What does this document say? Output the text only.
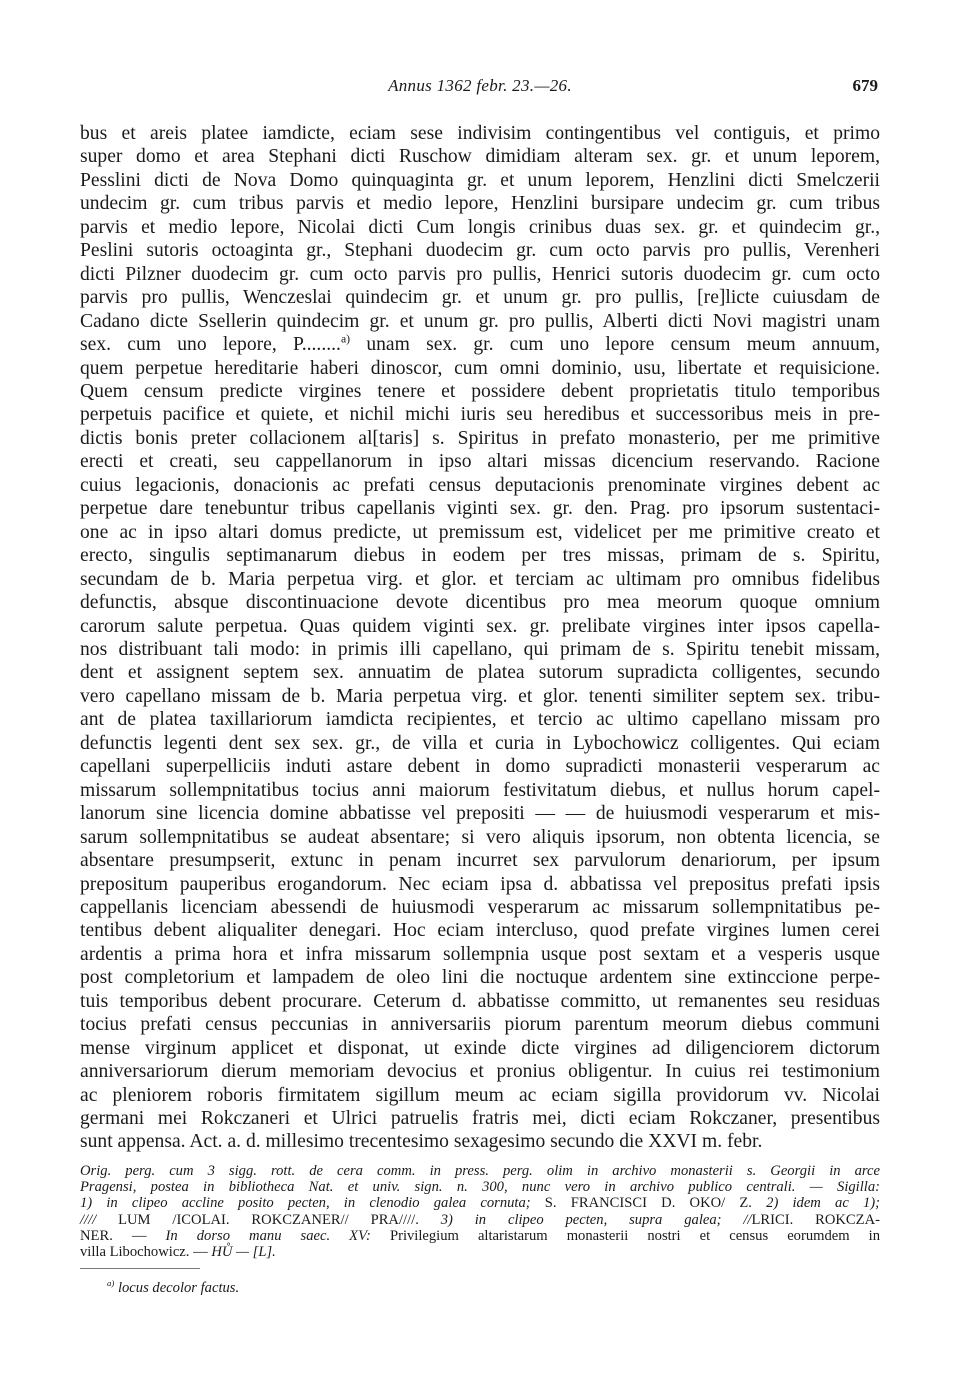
Annus 1362 febr. 23.—26.	679
bus et areis platee iamdicte, eciam sese indivisim contingentibus vel contiguis, et primo
super domo et area Stephani dicti Ruschow dimidiam alteram sex. gr. et unum leporem,
Pesslini dicti de Nova Domo quinquaginta gr. et unum leporem, Henzlini dicti Smelczerii
undecim gr. cum tribus parvis et medio lepore, Henzlini bursipare undecim gr. cum tribus
parvis et medio lepore, Nicolai dicti Cum longis crinibus duas sex. gr. et quindecim gr.,
Peslini sutoris octoaginta gr., Stephani duodecim gr. cum octo parvis pro pullis, Verenheri
dicti Pilzner duodecim gr. cum octo parvis pro pullis, Henrici sutoris duodecim gr. cum octo
parvis pro pullis, Wenczeslai quindecim gr. et unum gr. pro pullis, [re]licte cuiusdam de
Cadano dicte Ssellerin quindecim gr. et unum gr. pro pullis, Alberti dicti Novi magistri unam
sex. cum uno lepore, P........$^{a)}$ unam sex. gr. cum uno lepore censum meum annuum,
quem perpetue hereditarie haberi dinoscor, cum omni dominio, usu, libertate et requisicione.
Quem censum predicte virgines tenere et possidere debent proprietatis titulo temporibus
perpetuis pacifice et quiete, et nichil michi iuris seu heredibus et successoribus meis in pre-
dictis bonis preter collacionem al[taris] s. Spiritus in prefato monasterio, per me primitive
erecti et creati, seu cappellanorum in ipso altari missas dicencium reservando. Racione
cuius legacionis, donacionis ac prefati census deputacionis prenominate virgines debent ac
perpetue dare tenebuntur tribus capellanis viginti sex. gr. den. Prag. pro ipsorum sustentaci-
one ac in ipso altari domus predicte, ut premissum est, videlicet per me primitive creato et
erecto, singulis septimanarum diebus in eodem per tres missas, primam de s. Spiritu,
secundam de b. Maria perpetua virg. et glor. et terciam ac ultimam pro omnibus fidelibus
defunctis, absque discontinuacione devote dicentibus pro mea meorum quoque omnium
carorum salute perpetua. Quas quidem viginti sex. gr. prelibate virgines inter ipsos capella-
nos distribuant tali modo: in primis illi capellano, qui primam de s. Spiritu tenebit missam,
dent et assignent septem sex. annuatim de platea sutorum supradicta colligentes, secundo
vero capellano missam de b. Maria perpetua virg. et glor. tenenti similiter septem sex. tribu-
ant de platea taxillariorum iamdicta recipientes, et tercio ac ultimo capellano missam pro
defunctis legenti dent sex sex. gr., de villa et curia in Lybochowicz colligentes. Qui eciam
capellani superpelliciis induti astare debent in domo supradicti monasterii vesperarum ac
missarum sollempnitatibus tocius anni maiorum festivitatum diebus, et nullus horum capel-
lanorum sine licencia domine abbatisse vel prepositi — — de huiusmodi vesperarum et mis-
sarum sollempnitatibus se audeat absentare; si vero aliquis ipsorum, non obtenta licencia, se
absentare presumpserit, extunc in penam incurret sex parvulorum denariorum, per ipsum
prepositum pauperibus erogandorum. Nec eciam ipsa d. abbatissa vel prepositus prefati ipsis
cappellanis licenciam abessendi de huiusmodi vesperarum ac missarum sollempnitatibus pe-
tentibus debent aliqualiter denegari. Hoc eciam intercluso, quod prefate virgines lumen cerei
ardentis a prima hora et infra missarum sollempnia usque post sextam et a vesperis usque
post completorium et lampadem de oleo lini die noctuque ardentem sine extinccione perpe-
tuis temporibus debent procurare. Ceterum d. abbatisse committo, ut remanentes seu residuas
tocius prefati census peccunias in anniversariis piorum parentum meorum diebus communi
mense virginum applicet et disponat, ut exinde dicte virgines ad diligenciorem dictorum
anniversariorum dierum memoriam devocius et pronius obligentur. In cuius rei testimonium
ac pleniorem roboris firmitatem sigillum meum ac eciam sigilla providorum vv. Nicolai
germani mei Rokczaneri et Ulrici patruelis fratris mei, dicti eciam Rokczaner, presentibus
sunt appensa. Act. a. d. millesimo trecentesimo sexagesimo secundo die XXVI m. febr.
Orig. perg. cum 3 sigg. rott. de cera comm. in press. perg. olim in archivo monasterii s. Georgii in arce
Pragensi, postea in bibliotheca Nat. et univ. sign. n. 300, nunc vero in archivo publico centrali. — Sigilla:
1) in clipeo accline posito pecten, in clenodio galea cornuta; S. FRANCISCI D. OKO/ Z. 2) idem ac 1);
//// LUM /ICOLAI. ROKCZANER// PRA////. 3) in clipeo pecten, supra galea; //LRICI. ROKCZA-
NER. — In dorso manu saec. XV: Privilegium altaristarum monasterii nostri et census eorumdem in
villa Libochowicz. — HŮ — [L].
$^{a)}$ locus decolor factus.
